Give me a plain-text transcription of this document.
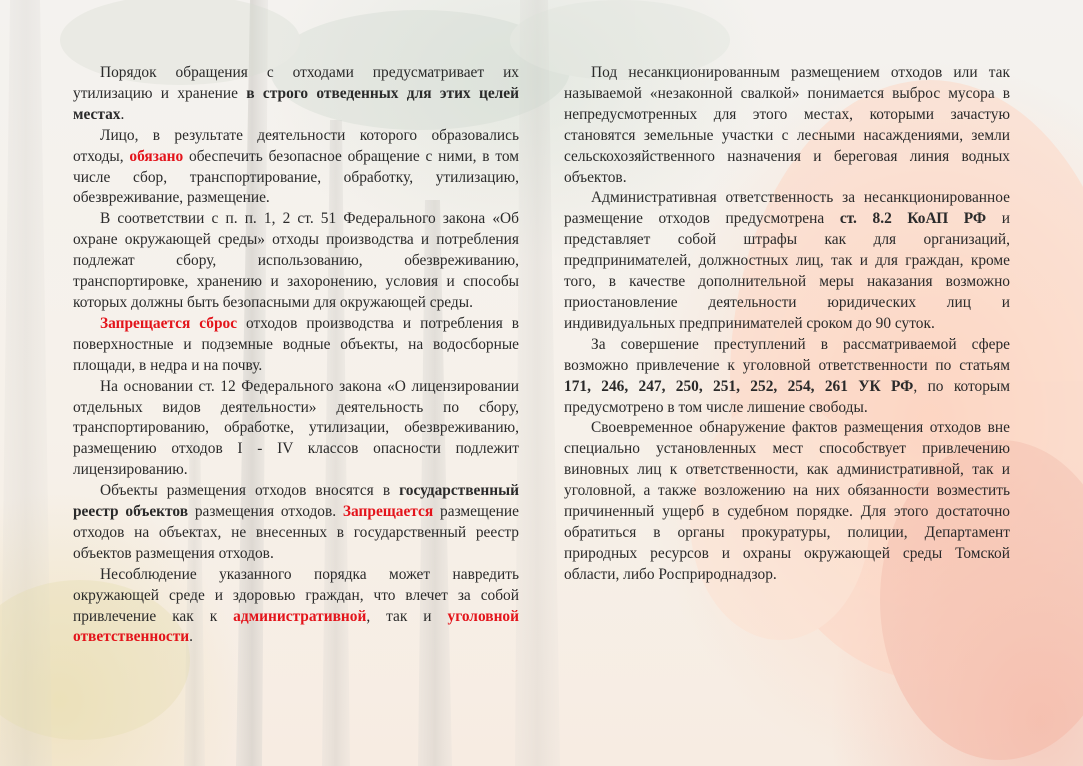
Порядок обращения с отходами предусматривает их утилизацию и хранение в строго отведенных для этих целей местах.

Лицо, в результате деятельности которого образовались отходы, обязано обеспечить безопасное обращение с ними, в том числе сбор, транспортирование, обработку, утилизацию, обезвреживание, размещение.

В соответствии с п. п. 1, 2 ст. 51 Федерального закона «Об охране окружающей среды» отходы производства и потребления подлежат сбору, использованию, обезвреживанию, транспортировке, хранению и захоронению, условия и способы которых должны быть безопасными для окружающей среды.

Запрещается сброс отходов производства и потребления в поверхностные и подземные водные объекты, на водосборные площади, в недра и на почву.

На основании ст. 12 Федерального закона «О лицензировании отдельных видов деятельности» деятельность по сбору, транспортированию, обработке, утилизации, обезвреживанию, размещению отходов I - IV классов опасности подлежит лицензированию.

Объекты размещения отходов вносятся в государственный реестр объектов размещения отходов. Запрещается размещение отходов на объектах, не внесенных в государственный реестр объектов размещения отходов.

Несоблюдение указанного порядка может навредить окружающей среде и здоровью граждан, что влечет за собой привлечение как к административной, так и уголовной ответственности.

Под несанкционированным размещением отходов или так называемой «незаконной свалкой» понимается выброс мусора в непредусмотренных для этого местах, которыми зачастую становятся земельные участки с лесными насаждениями, земли сельскохозяйственного назначения и береговая линия водных объектов.

Административная ответственность за несанкционированное размещение отходов предусмотрена ст. 8.2 КоАП РФ и представляет собой штрафы как для организаций, предпринимателей, должностных лиц, так и для граждан, кроме того, в качестве дополнительной меры наказания возможно приостановление деятельности юридических лиц и индивидуальных предпринимателей сроком до 90 суток.

За совершение преступлений в рассматриваемой сфере возможно привлечение к уголовной ответственности по статьям 171, 246, 247, 250, 251, 252, 254, 261 УК РФ, по которым предусмотрено в том числе лишение свободы.

Своевременное обнаружение фактов размещения отходов вне специально установленных мест способствует привлечению виновных лиц к ответственности, как административной, так и уголовной, а также возложению на них обязанности возместить причиненный ущерб в судебном порядке. Для этого достаточно обратиться в органы прокуратуры, полиции, Департамент природных ресурсов и охраны окружающей среды Томской области, либо Росприроднадзор.
